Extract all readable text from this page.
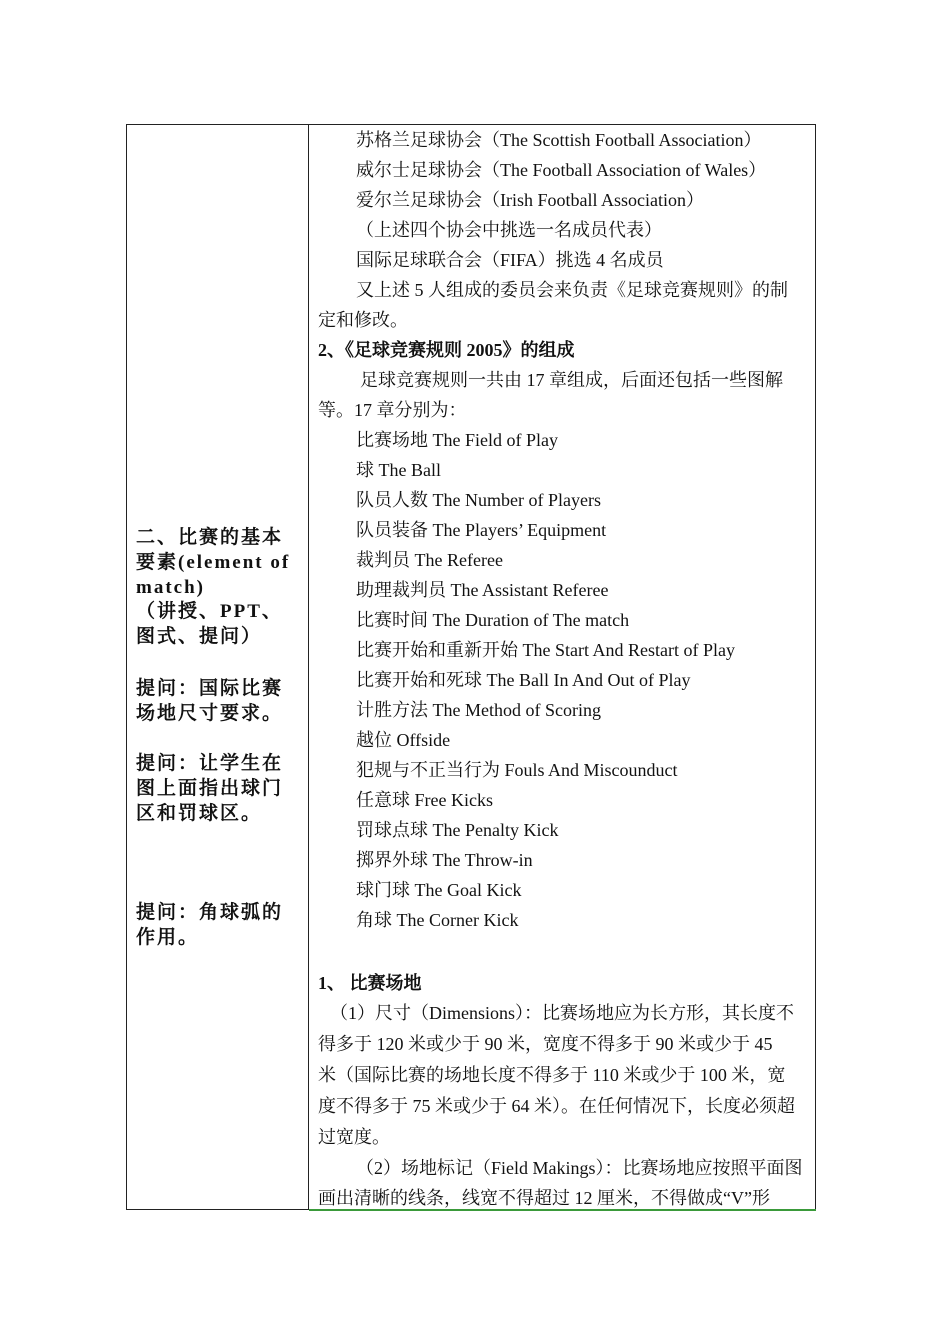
二、比赛的基本要素(element of match)
（讲授、PPT、图式、提问）
提问：国际比赛场地尺寸要求。
提问：让学生在图上面指出球门区和罚球区。
提问：角球弧的作用。
苏格兰足球协会（The Scottish Football Association）
威尔士足球协会（The Football Association of Wales）
爱尔兰足球协会（Irish Football Association）
（上述四个协会中挑选一名成员代表）
国际足球联合会（FIFA）挑选 4 名成员
又上述 5 人组成的委员会来负责《足球竞赛规则》的制
定和修改。
2、《足球竞赛规则 2005》的组成
足球竞赛规则一共由 17 章组成，后面还包括一些图解
等。17 章分别为：
比赛场地 The Field of Play
球 The Ball
队员人数 The Number of Players
队员装备 The Players’ Equipment
裁判员 The Referee
助理裁判员 The Assistant Referee
比赛时间 The Duration of The match
比赛开始和重新开始 The Start And Restart of Play
比赛开始和死球 The Ball In And Out of Play
计胜方法 The Method of Scoring
越位 Offside
犯规与不正当行为 Fouls And Miscounduct
任意球 Free Kicks
罚球点球 The Penalty Kick
掷界外球 The Throw-in
球门球 The Goal Kick
角球 The Corner Kick
1、 比赛场地
（1）尺寸（Dimensions）：比赛场地应为长方形，其长度不
得多于 120 米或少于 90 米，宽度不得多于 90 米或少于 45
米（国际比赛的场地长度不得多于 110 米或少于 100 米，宽
度不得多于 75 米或少于 64 米）。在任何情况下，长度必须超
过宽度。
（2）场地标记（Field Makings）：比赛场地应按照平面图
画出清晰的线条，线宽不得超过 12 厘米，不得做成“V”形
